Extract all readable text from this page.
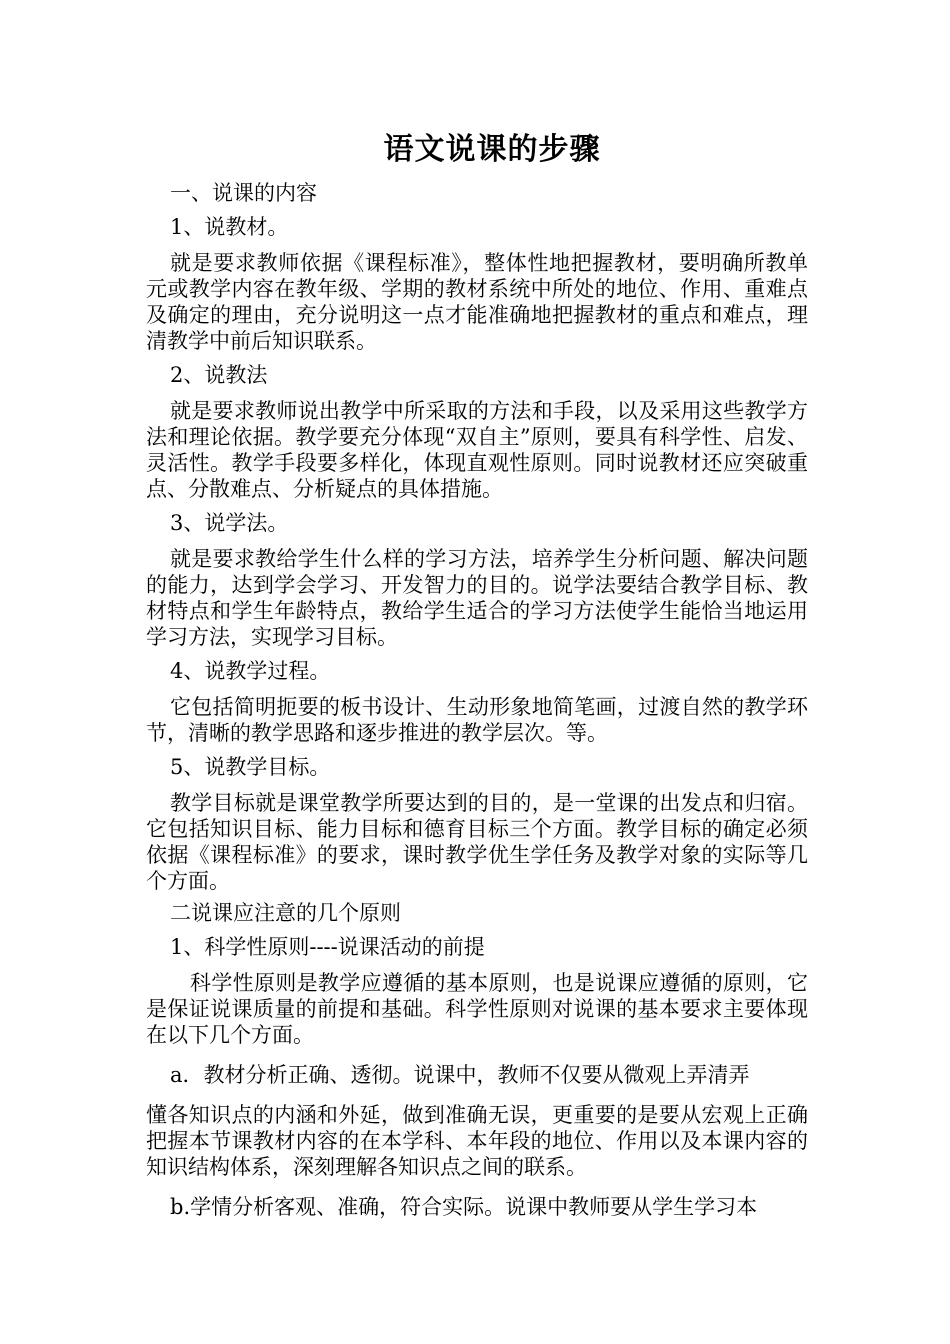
语文说课的步骤

一、说课的内容

1、说教材。

就是要求教师依据《课程标准》，整体性地把握教材，要明确所教单元或教学内容在教年级、学期的教材系统中所处的地位、作用、重难点及确定的理由，充分说明这一点才能准确地把握教材的重点和难点，理清教学中前后知识联系。

2、说教法

就是要求教师说出教学中所采取的方法和手段，以及采用这些教学方法和理论依据。教学要充分体现“双自主”原则，要具有科学性、启发、灵活性。教学手段要多样化，体现直观性原则。同时说教材还应突破重点、分散难点、分析疑点的具体措施。

3、说学法。

就是要求教给学生什么样的学习方法，培养学生分析问题、解决问题的能力，达到学会学习、开发智力的目的。说学法要结合教学目标、教材特点和学生年龄特点，教给学生适合的学习方法使学生能恰当地运用学习方法，实现学习目标。

4、说教学过程。

它包括简明扼要的板书设计、生动形象地简笔画，过渡自然的教学环节，清晰的教学思路和逐步推进的教学层次。等。

5、说教学目标。

教学目标就是课堂教学所要达到的目的，是一堂课的出发点和归宿。它包括知识目标、能力目标和德育目标三个方面。教学目标的确定必须依据《课程标准》的要求，课时教学优生学任务及教学对象的实际等几个方面。

二说课应注意的几个原则

1、科学性原则----说课活动的前提

科学性原则是教学应遵循的基本原则，也是说课应遵循的原则，它是保证说课质量的前提和基础。科学性原则对说课的基本要求主要体现在以下几个方面。

a．教材分析正确、透彻。说课中，教师不仅要从微观上弄清弄

懂各知识点的内涵和外延，做到准确无误，更重要的是要从宏观上正确把握本节课教材内容的在本学科、本年段的地位、作用以及本课内容的知识结构体系，深刻理解各知识点之间的联系。

b.学情分析客观、准确，符合实际。说课中教师要从学生学习本
